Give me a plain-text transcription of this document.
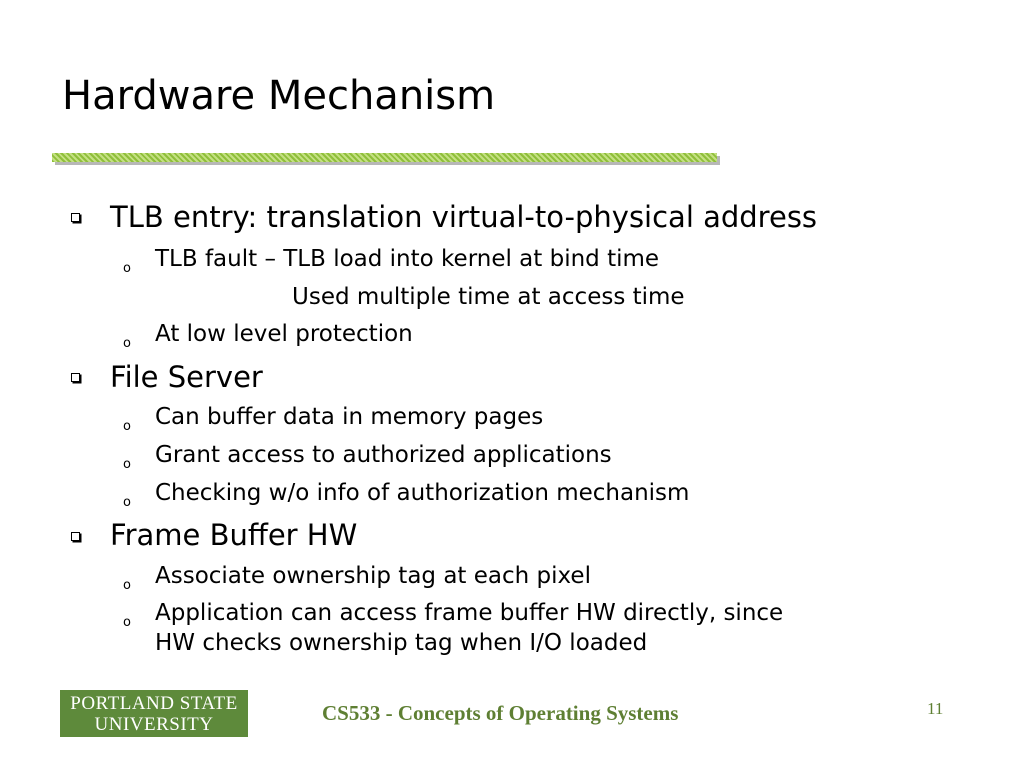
Hardware Mechanism
TLB entry: translation virtual-to-physical address
o TLB fault – TLB load into kernel at bind time
Used multiple time at access time
o At low level protection
File Server
o Can buffer data in memory pages
o Grant access to authorized applications
o Checking w/o info of authorization mechanism
Frame Buffer HW
o Associate ownership tag at each pixel
o Application can access frame buffer HW directly, since
HW checks ownership tag when I/O loaded
PORTLAND STATE
UNIVERSITY	CS533 - Concepts of Operating Systems	11
